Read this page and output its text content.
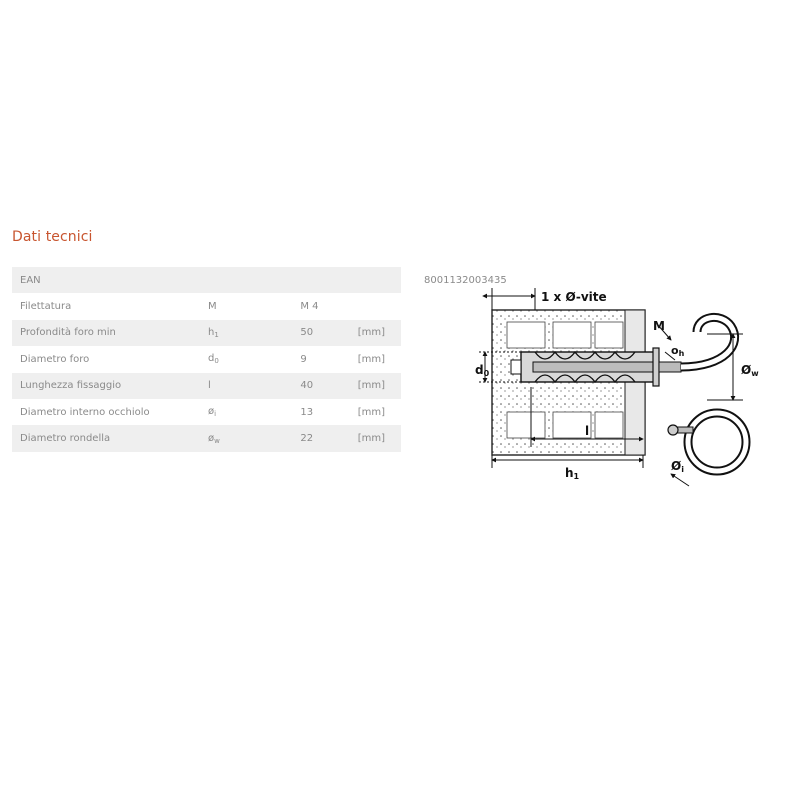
Dati tecnici
EAN	8001132003435		
Filettatura	M	M 4	
Profondità foro min	$h_1$	50	[mm]
Diametro foro	$d_0$	9	[mm]
Lunghezza fissaggio	l	40	[mm]
Diametro interno occhiolo	$ø_i$	13	[mm]
Diametro rondella	$ø_w$	22	[mm]
1 x Ø-vite
M
oh
d0
l
h1
Øw
Øi
